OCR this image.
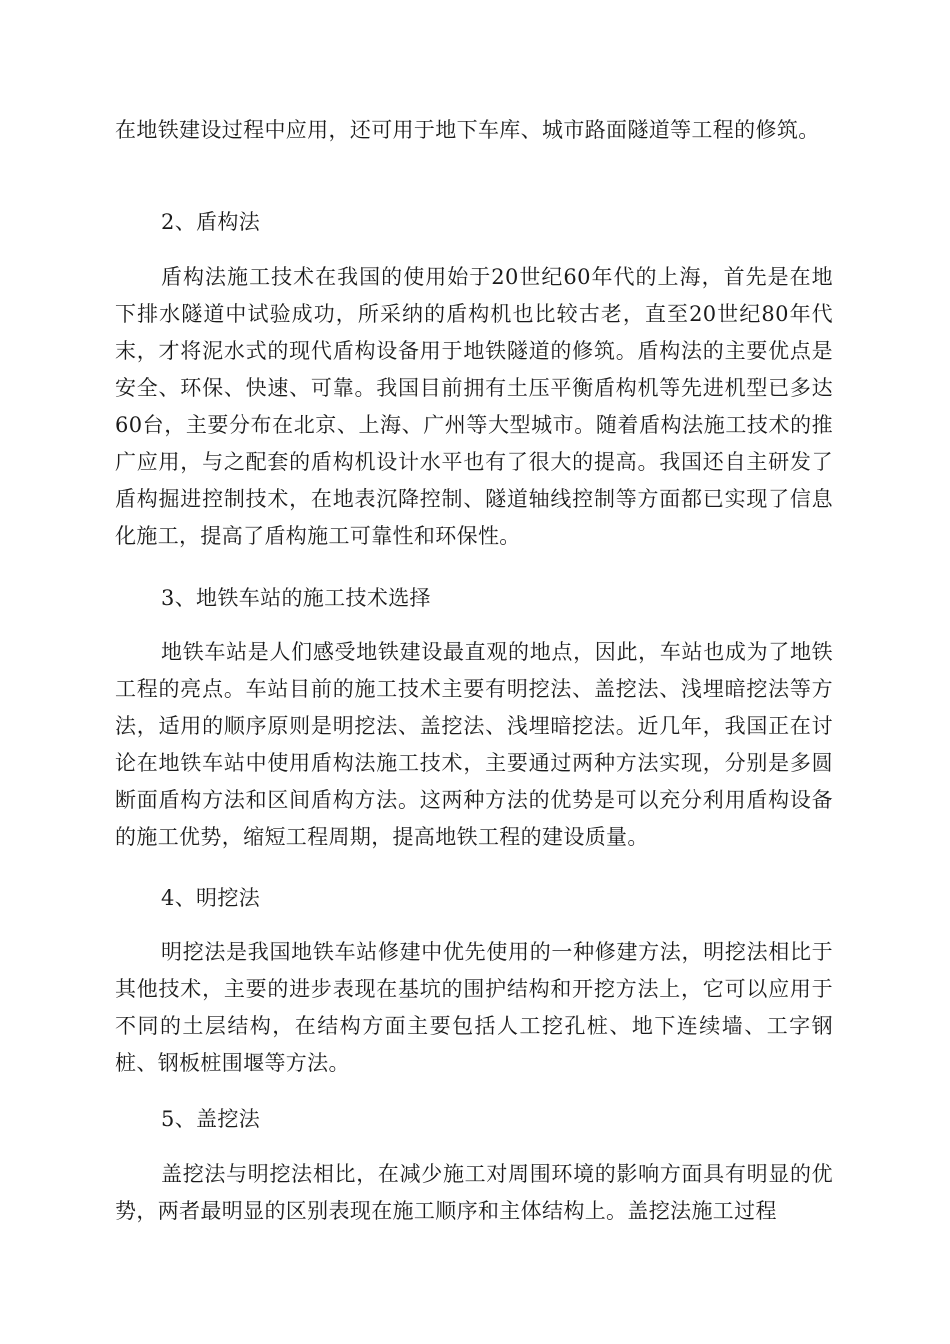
在地铁建设过程中应用，还可用于地下车库、城市路面隧道等工程的修筑。

2、盾构法

盾构法施工技术在我国的使用始于20世纪60年代的上海，首先是在地下排水隧道中试验成功，所采纳的盾构机也比较古老，直至20世纪80年代末，才将泥水式的现代盾构设备用于地铁隧道的修筑。盾构法的主要优点是安全、环保、快速、可靠。我国目前拥有土压平衡盾构机等先进机型已多达60台，主要分布在北京、上海、广州等大型城市。随着盾构法施工技术的推广应用，与之配套的盾构机设计水平也有了很大的提高。我国还自主研发了盾构掘进控制技术，在地表沉降控制、隧道轴线控制等方面都已实现了信息化施工，提高了盾构施工可靠性和环保性。

3、地铁车站的施工技术选择

地铁车站是人们感受地铁建设最直观的地点，因此，车站也成为了地铁工程的亮点。车站目前的施工技术主要有明挖法、盖挖法、浅埋暗挖法等方法，适用的顺序原则是明挖法、盖挖法、浅埋暗挖法。近几年，我国正在讨论在地铁车站中使用盾构法施工技术，主要通过两种方法实现，分别是多圆断面盾构方法和区间盾构方法。这两种方法的优势是可以充分利用盾构设备的施工优势，缩短工程周期，提高地铁工程的建设质量。

4、明挖法

明挖法是我国地铁车站修建中优先使用的一种修建方法，明挖法相比于其他技术，主要的进步表现在基坑的围护结构和开挖方法上，它可以应用于不同的土层结构，在结构方面主要包括人工挖孔桩、地下连续墙、工字钢桩、钢板桩围堰等方法。

5、盖挖法

盖挖法与明挖法相比，在减少施工对周围环境的影响方面具有明显的优势，两者最明显的区别表现在施工顺序和主体结构上。盖挖法施工过程
